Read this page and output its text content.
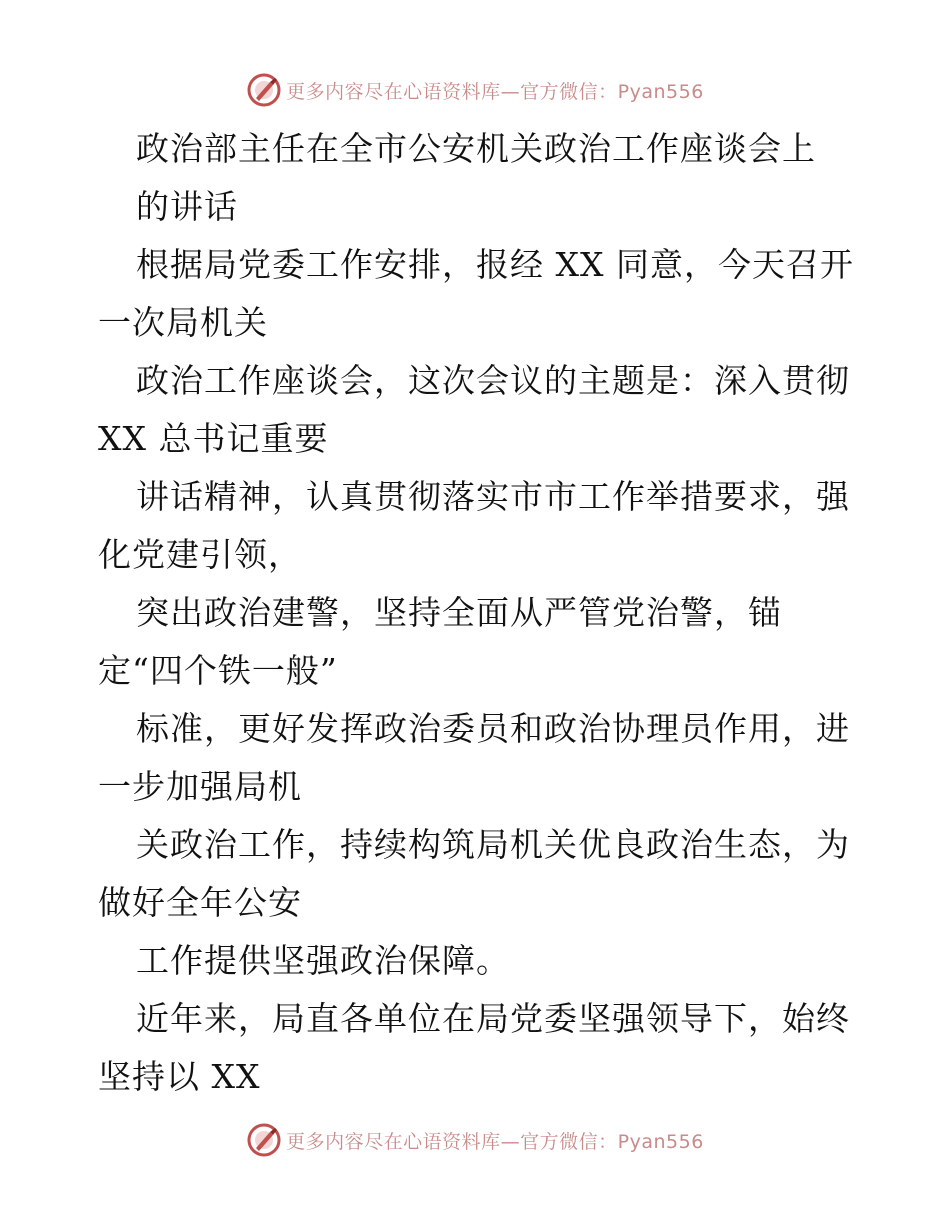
更多内容尽在心语资料库—官方微信：Pyan556
政治部主任在全市公安机关政治工作座谈会上
的讲话
根据局党委工作安排，报经 XX 同意，今天召开
一次局机关
政治工作座谈会，这次会议的主题是：深入贯彻
XX 总书记重要
讲话精神，认真贯彻落实市市工作举措要求，强
化党建引领，
突出政治建警，坚持全面从严管党治警，锚
定“四个铁一般”
标准，更好发挥政治委员和政治协理员作用，进
一步加强局机
关政治工作，持续构筑局机关优良政治生态，为
做好全年公安
工作提供坚强政治保障。
近年来，局直各单位在局党委坚强领导下，始终
坚持以 XX
更多内容尽在心语资料库—官方微信：Pyan556
